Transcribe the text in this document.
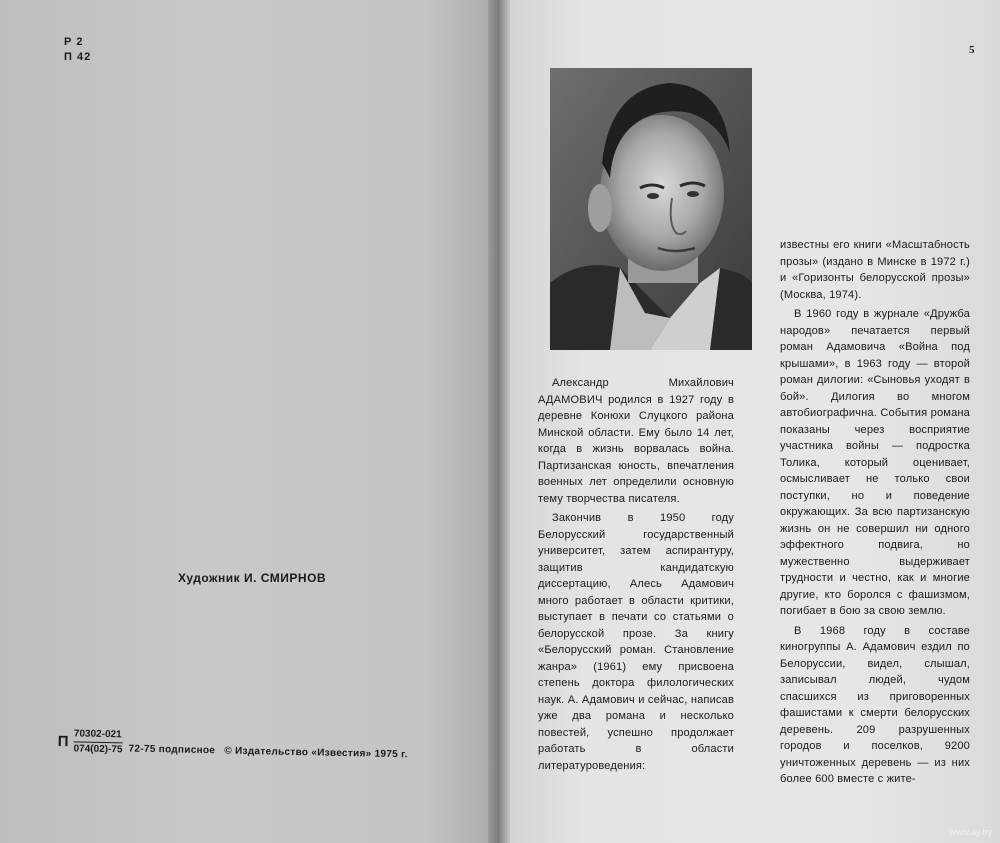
Р 2
П 42
Художник И. СМИРНОВ
П $\frac{70302-021}{074(02)-75} 72-75$ подписное © Издательство «Известия» 1975 г.
5

Александр Михайлович АДАМОВИЧ родился в 1927 году в деревне Конюхи Слуцкого района Минской области. Ему было 14 лет, когда в жизнь ворвалась война. Партизанская юность, впечатления военных лет определили основную тему творчества писателя.

Закончив в 1950 году Белорусский государственный университет, затем аспирантуру, защитив кандидатскую диссертацию, Алесь Адамович много работает в области критики, выступает в печати со статьями о белорусской прозе. За книгу «Белорусский роман. Становление жанра» (1961) ему присвоена степень доктора филологических наук. А. Адамович и сейчас, написав уже два романа и несколько повестей, успешно продолжает работать в области литературоведения:

известны его книги «Масштабность прозы» (издано в Минске в 1972 г.) и «Горизонты белорусской прозы» (Москва, 1974).

В 1960 году в журнале «Дружба народов» печатается первый роман Адамовича «Война под крышами», в 1963 году — второй роман дилогии: «Сыновья уходят в бой». Дилогия во многом автобиографична. События романа показаны через восприятие участника войны — подростка Толика, который оценивает, осмысливает не только свои поступки, но и поведение окружающих. За всю партизанскую жизнь он не совершил ни одного эффектного подвига, но мужественно выдерживает трудности и честно, как и многие другие, кто боролся с фашизмом, погибает в бою за свою землю.

В 1968 году в составе киногруппы А. Адамович ездил по Белоруссии, видел, слышал, записывал людей, чудом спасшихся из приговоренных фашистами к смерти белорусских деревень. 209 разрушенных городов и поселков, 9200 уничтоженных деревень — из них более 600 вместе с жите-

www.ay.by
